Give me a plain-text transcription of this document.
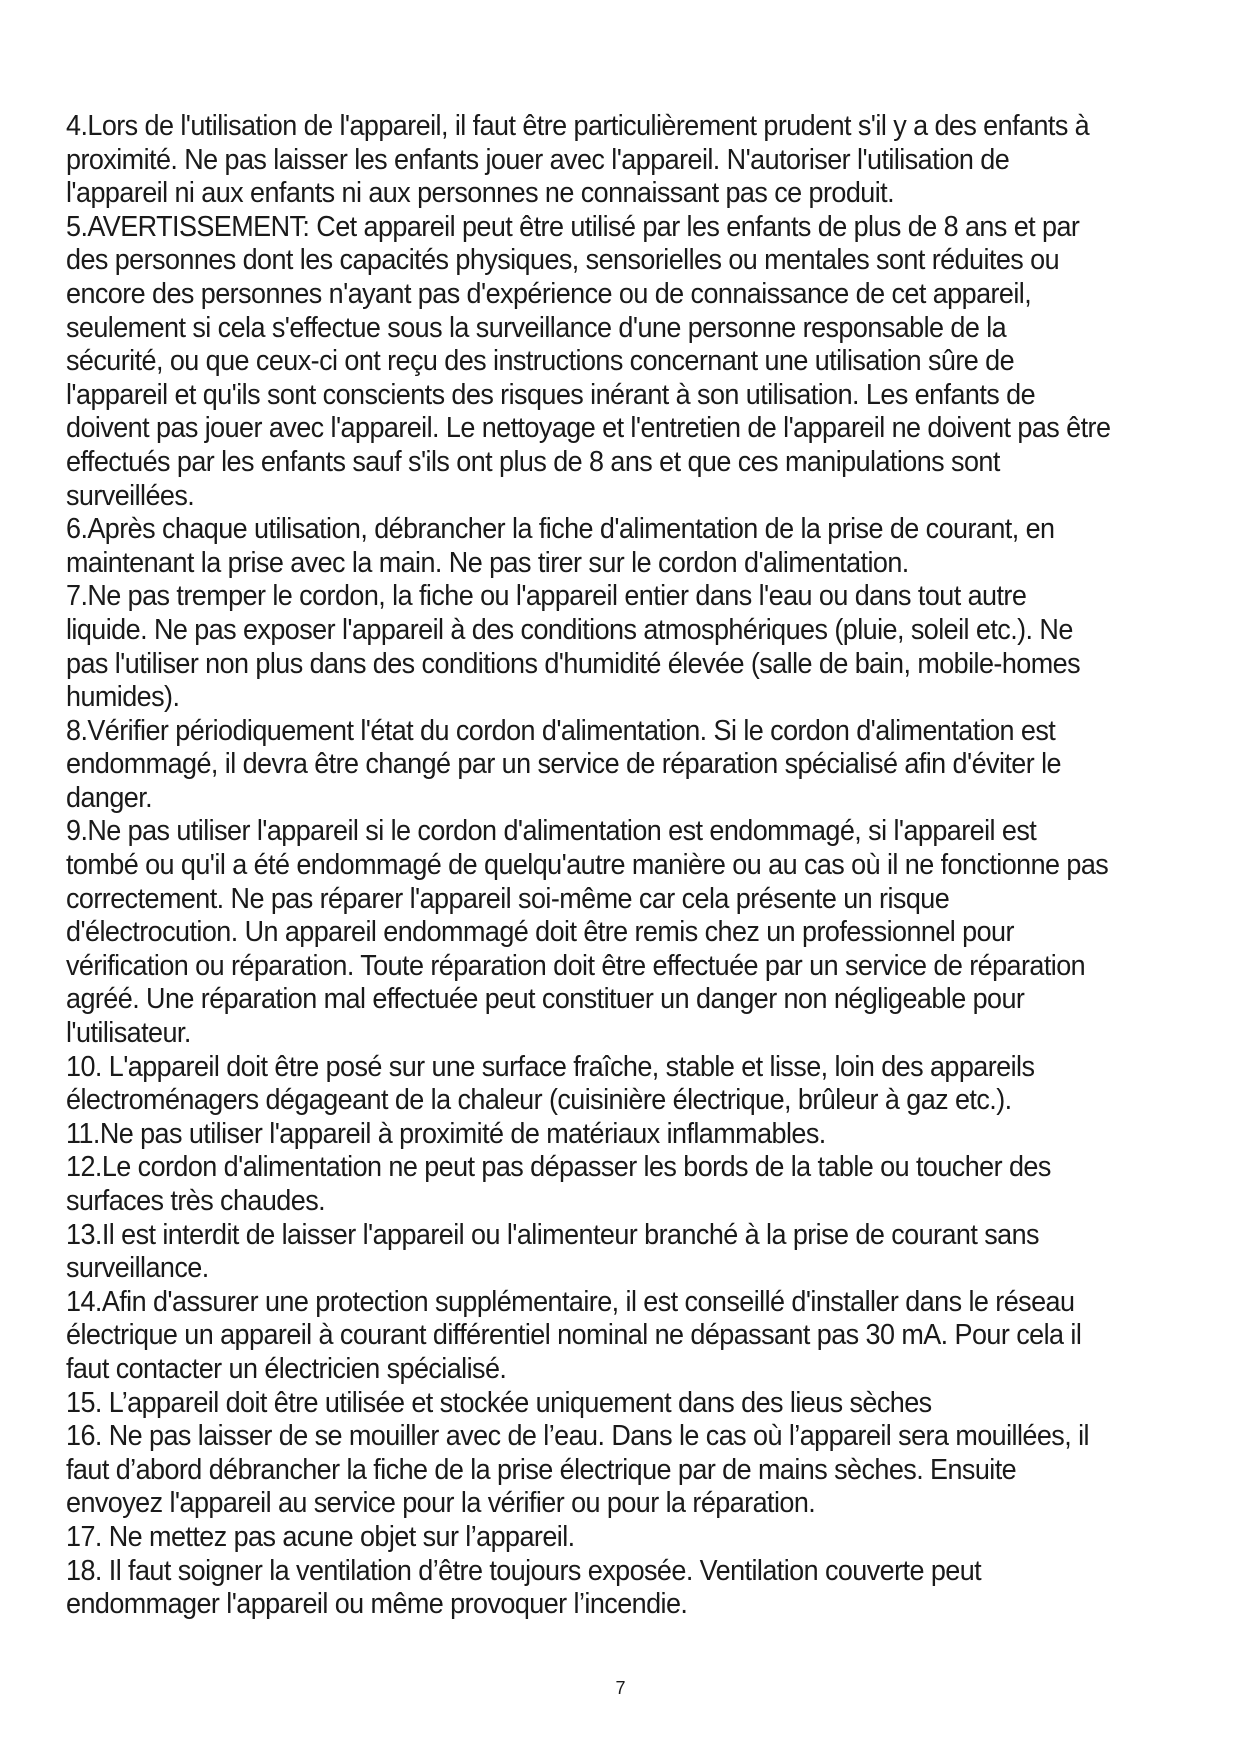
4.Lors de l'utilisation de l'appareil, il faut être particulièrement prudent s'il y a des enfants à
proximité. Ne pas laisser les enfants jouer avec l'appareil. N'autoriser l'utilisation de
l'appareil ni aux enfants ni aux personnes ne connaissant pas ce produit.

5.AVERTISSEMENT: Cet appareil peut être utilisé par les enfants de plus de 8 ans et par
des personnes dont les capacités physiques, sensorielles ou mentales sont réduites ou
encore des personnes n'ayant pas d'expérience ou de connaissance de cet appareil,
seulement si cela s'effectue sous la surveillance d'une personne responsable de la
sécurité, ou que ceux-ci ont reçu des instructions concernant une utilisation sûre de
l'appareil et qu'ils sont conscients des risques inérant à son utilisation. Les enfants de
doivent pas jouer avec l'appareil. Le nettoyage et l'entretien de l'appareil ne doivent pas être
effectués par les enfants sauf s'ils ont plus de 8 ans et que ces manipulations sont
surveillées.

6.Après chaque utilisation, débrancher la fiche d'alimentation de la prise de courant, en
maintenant la prise avec la main. Ne pas tirer sur le cordon d'alimentation.

7.Ne pas tremper le cordon, la fiche ou l'appareil entier dans l'eau ou dans tout autre
liquide. Ne pas exposer l'appareil à des conditions atmosphériques (pluie, soleil etc.). Ne
pas l'utiliser non plus dans des conditions d'humidité élevée (salle de bain, mobile-homes
humides).

8.Vérifier périodiquement l'état du cordon d'alimentation. Si le cordon d'alimentation est
endommagé, il devra être changé par un service de réparation spécialisé afin d'éviter le
danger.

9.Ne pas utiliser l'appareil si le cordon d'alimentation est endommagé, si l'appareil est
tombé ou qu'il a été endommagé de quelqu'autre manière ou au cas où il ne fonctionne pas
correctement. Ne pas réparer l'appareil soi-même car cela présente un risque
d'électrocution. Un appareil endommagé doit être remis chez un professionnel pour
vérification ou réparation. Toute réparation doit être effectuée par un service de réparation
agréé. Une réparation mal effectuée peut constituer un danger non négligeable pour
l'utilisateur.

10. L'appareil doit être posé sur une surface fraîche, stable et lisse, loin des appareils
électroménagers dégageant de la chaleur (cuisinière électrique, brûleur à gaz etc.).

11.Ne pas utiliser l'appareil à proximité de matériaux inflammables.

12.Le cordon d'alimentation ne peut pas dépasser les bords de la table ou toucher des
surfaces très chaudes.

13.Il est interdit de laisser l'appareil ou l'alimenteur branché à la prise de courant sans
surveillance.

14.Afin d'assurer une protection supplémentaire, il est conseillé d'installer dans le réseau
électrique un appareil à courant différentiel nominal ne dépassant pas 30 mA. Pour cela il
faut contacter un électricien spécialisé.

15. L’appareil doit être utilisée et stockée uniquement dans des lieus sèches

16. Ne pas laisser de se mouiller avec de l’eau. Dans le cas où l’appareil sera mouillées, il
faut d’abord débrancher la fiche de la prise électrique par de mains sèches. Ensuite
envoyez l'appareil au service pour la vérifier ou pour la réparation.

17. Ne mettez pas acune objet sur l’appareil.

18. Il faut soigner la ventilation d’être toujours exposée. Ventilation couverte peut
endommager l'appareil ou même provoquer l’incendie.

7
